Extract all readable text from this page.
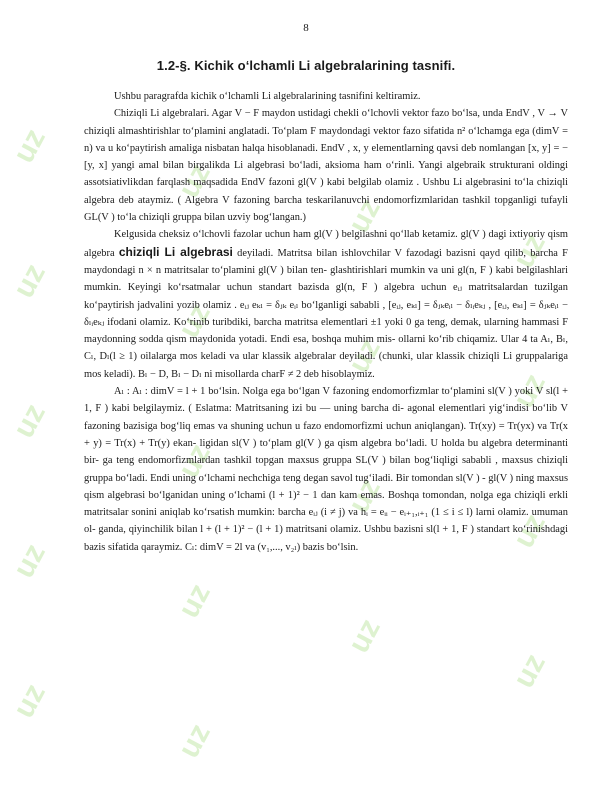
uz
uz
uz
uz
uz
uz
uz
uz
uz
uz
uz
uz
uz
uz
uz
uz
uz
uz
8
1.2-§. Kichik o‘lchamli Li algebralarining tasnifi.

Ushbu paragrafda kichik o‘lchamli Li algebralarining tasnifini keltiramiz.

Chiziqli Li algebralari. Agar V − F maydon ustidagi chekli o‘lchovli vektor fazo bo‘lsa, unda EndV , V → V chiziqli almashtirishlar to‘plamini anglatadi. To‘plam F maydondagi vektor fazo sifatida n² o‘lchamga ega (dimV = n) va u ko‘paytirish amaliga nisbatan halqa hisoblanadi. EndV , x, y elementlarning qavsi deb nomlangan [x, y] = −[y, x] yangi amal bilan birgalikda Li algebrasi bo‘ladi, aksioma ham o‘rinli. Yangi algebraik strukturani oldingi assotsiativlikdan farqlash maqsadida EndV fazoni gl(V ) kabi belgilab olamiz . Ushbu Li algebrasini to‘la chiziqli algebra deb ataymiz. ( Algebra V fazoning barcha teskarilanuvchi endomorfizmlaridan tashkil topganligi tufayli GL(V ) to‘la chiziqli gruppa bilan uzviy bog‘langan.)

Kelgusida cheksiz o‘lchovli fazolar uchun ham gl(V ) belgilashni qo‘llab ketamiz. gl(V ) dagi ixtiyoriy qism algebra chiziqli Li algebrasi deyiladi. Matritsa bilan ishlovchilar V fazodagi bazisni qayd qilib, barcha F maydondagi n × n matritsalar to‘plamini gl(V ) bilan ten- glashtirishlari mumkin va uni gl(n, F ) kabi belgilashlari mumkin. Keyingi ko‘rsatmalar uchun standart bazisda gl(n, F ) algebra uchun eᵢⱼ matritsalardan tuzilgan ko‘paytirish jadvalini yozib olamiz . eᵢⱼ eₖₗ = δⱼₖ eᵢₗ bo‘lganligi sababli , [eᵢⱼ, eₖₗ] = δⱼₖeᵢₗ − δₗᵢeₖⱼ , [eᵢⱼ, eₖₗ] = δⱼₖeᵢₗ − δₗᵢeₖⱼ ifodani olamiz. Ko‘rinib turibdiki, barcha matritsa elementlari ±1 yoki 0 ga teng, demak, ularning hammasi F maydonning sodda qism maydonida yotadi. Endi esa, boshqa muhim mis- ollarni ko‘rib chiqamiz. Ular 4 ta Aₗ, Bₗ, Cₗ, Dₗ(l ≥ 1) oilalarga mos keladi va ular klassik algebralar deyiladi. (chunki, ular klassik chiziqli Li gruppalariga mos keladi). Bₗ − D, Bₗ − Dₗ ni misollarda charF ≠ 2 deb hisoblaymiz.

Aₗ : Aₗ : dimV = l + 1 bo‘lsin. Nolga ega bo‘lgan V fazoning endomorfizmlar to‘plamini sl(V ) yoki V sl(l + 1, F ) kabi belgilaymiz. ( Eslatma: Matritsaning izi bu — uning barcha di- agonal elementlari yig‘indisi bo‘lib V fazoning bazisiga bog‘liq emas va shuning uchun u fazo endomorfizmi uchun aniqlangan). Tr(xy) = Tr(yx) va Tr(x + y) = Tr(x) + Tr(y) ekan- ligidan sl(V ) to‘plam gl(V ) ga qism algebra bo‘ladi. U holda bu algebra determinanti bir- ga teng endomorfizmlardan tashkil topgan maxsus gruppa SL(V ) bilan bog‘liqligi sababli , maxsus chiziqli gruppa bo‘ladi. Endi uning o‘lchami nechchiga teng degan savol tug‘iladi. Bir tomondan sl(V ) - gl(V ) ning maxsus qism algebrasi bo‘lganidan uning o‘lchami (l + 1)² − 1 dan kam emas. Boshqa tomondan, nolga ega chiziqli erkli matritsalar sonini aniqlab ko‘rsatish mumkin: barcha eᵢⱼ (i ≠ j) va hᵢ = eᵢᵢ − eᵢ₊₁,ᵢ₊₁ (1 ≤ i ≤ l) larni olamiz. umuman ol- ganda, qiyinchilik bilan l + (l + 1)² − (l + 1) matritsani olamiz. Ushbu bazisni sl(l + 1, F ) standart ko‘rinishdagi bazis sifatida qaraymiz. Cₗ: dimV = 2l va (v₁,..., v₂ₗ) bazis bo‘lsin.
